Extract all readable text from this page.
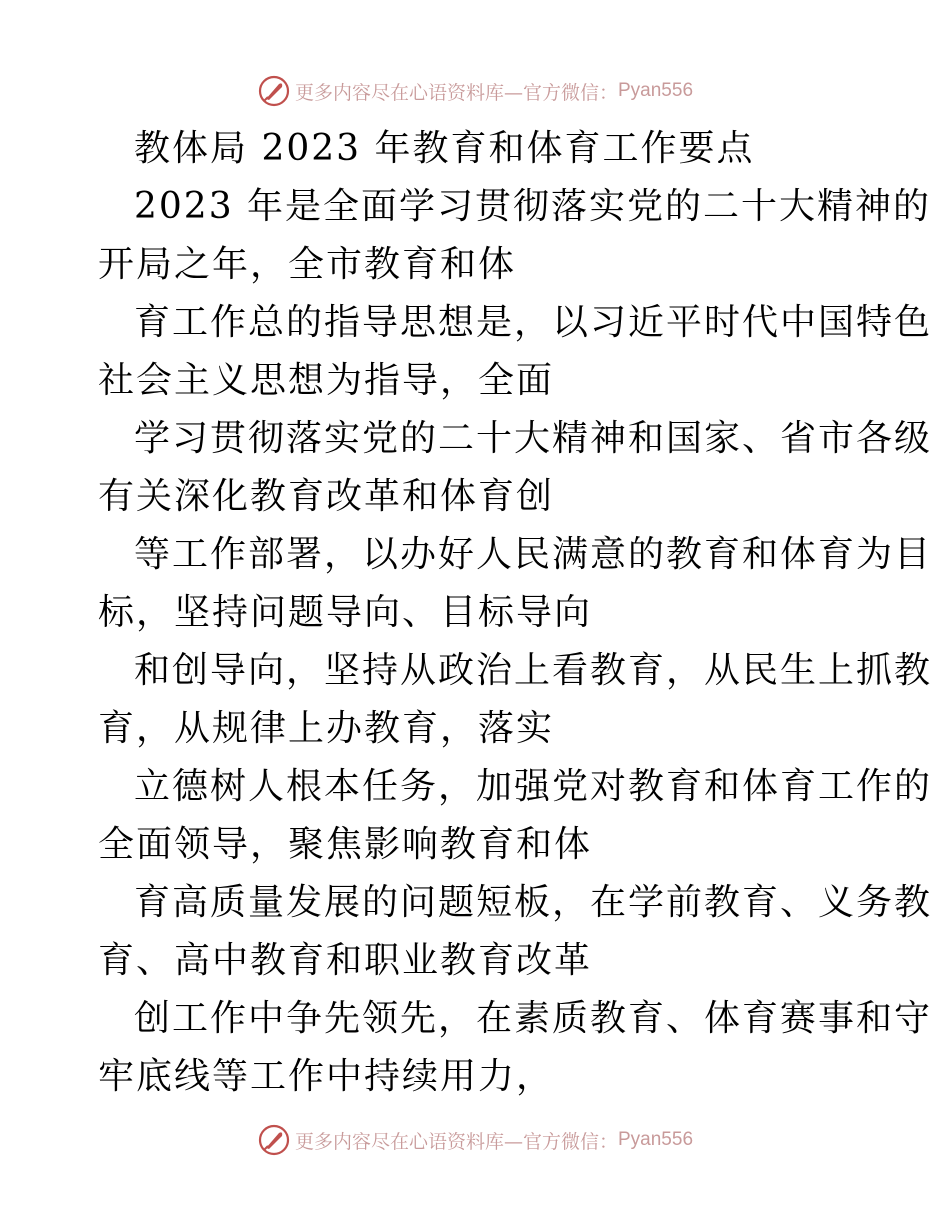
更多内容尽在心语资料库—官方微信： Pyan556
教体局 2023 年教育和体育工作要点
2023 年是全面学习贯彻落实党的二十大精神的
开局之年，全市教育和体
育工作总的指导思想是，以习近平时代中国特色
社会主义思想为指导，全面
学习贯彻落实党的二十大精神和国家、省市各级
有关深化教育改革和体育创
等工作部署，以办好人民满意的教育和体育为目
标，坚持问题导向、目标导向
和创导向，坚持从政治上看教育，从民生上抓教
育，从规律上办教育，落实
立德树人根本任务，加强党对教育和体育工作的
全面领导，聚焦影响教育和体
育高质量发展的问题短板，在学前教育、义务教
育、高中教育和职业教育改革
创工作中争先领先，在素质教育、体育赛事和守
牢底线等工作中持续用力，
更多内容尽在心语资料库—官方微信： Pyan556
